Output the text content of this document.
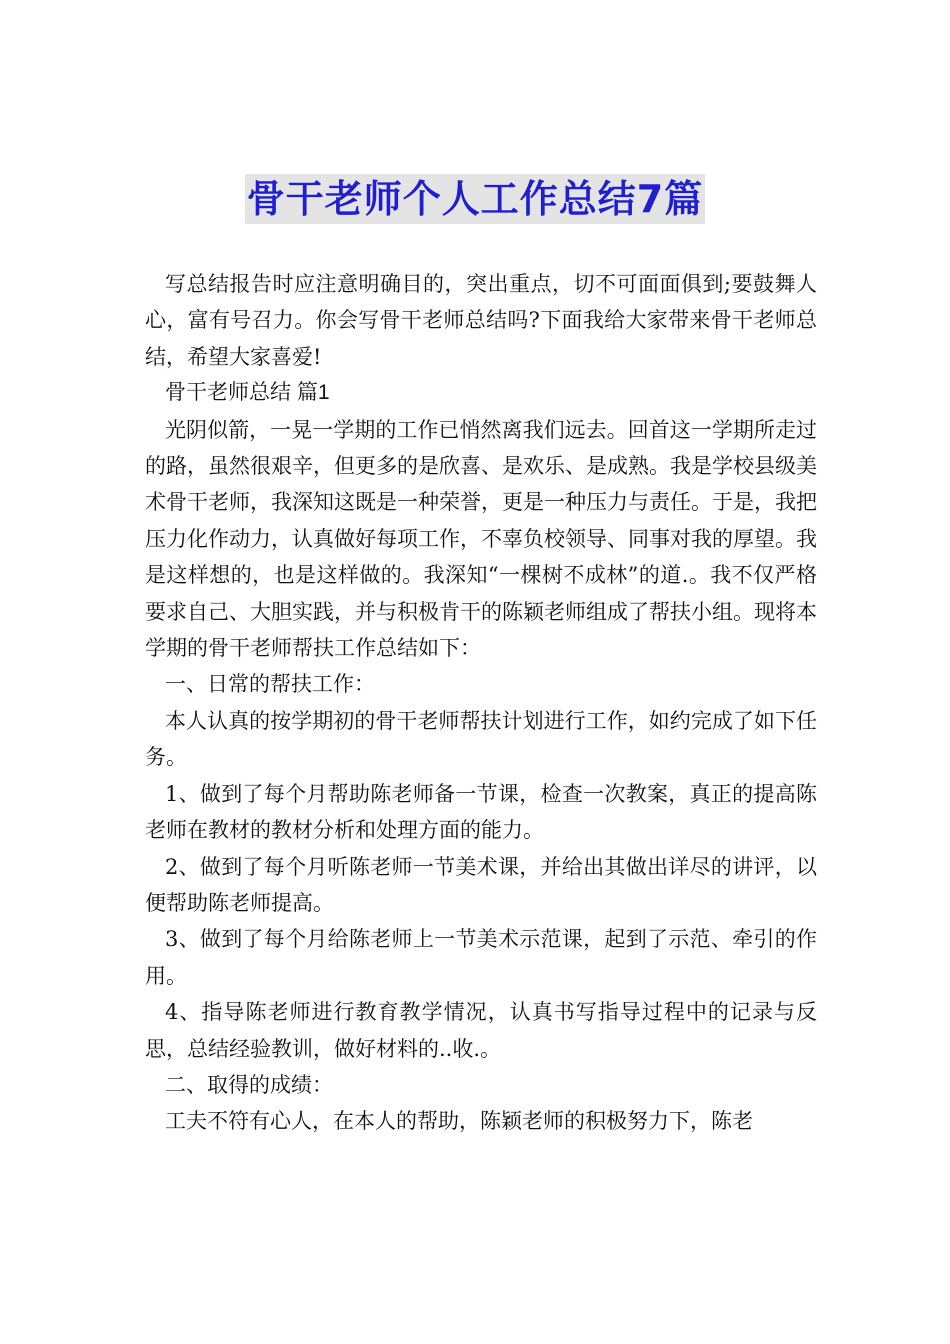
骨干老师个人工作总结7篇

写总结报告时应注意明确目的，突出重点，切不可面面俱到;要鼓舞人心，富有号召力。你会写骨干老师总结吗?下面我给大家带来骨干老师总结，希望大家喜爱!

骨干老师总结 篇1

光阴似箭，一晃一学期的工作已悄然离我们远去。回首这一学期所走过的路，虽然很艰辛，但更多的是欣喜、是欢乐、是成熟。我是学校县级美术骨干老师，我深知这既是一种荣誉，更是一种压力与责任。于是，我把压力化作动力，认真做好每项工作，不辜负校领导、同事对我的厚望。我是这样想的，也是这样做的。我深知“一棵树不成林”的道.。我不仅严格要求自己、大胆实践，并与积极肯干的陈颖老师组成了帮扶小组。现将本学期的骨干老师帮扶工作总结如下：

一、日常的帮扶工作：

本人认真的按学期初的骨干老师帮扶计划进行工作，如约完成了如下任务。

1、做到了每个月帮助陈老师备一节课，检查一次教案，真正的提高陈老师在教材的教材分析和处理方面的能力。

2、做到了每个月听陈老师一节美术课，并给出其做出详尽的讲评，以便帮助陈老师提高。

3、做到了每个月给陈老师上一节美术示范课，起到了示范、牵引的作用。

4、指导陈老师进行教育教学情况，认真书写指导过程中的记录与反思，总结经验教训，做好材料的..收.。

二、取得的成绩：

工夫不符有心人，在本人的帮助，陈颖老师的积极努力下，陈老
